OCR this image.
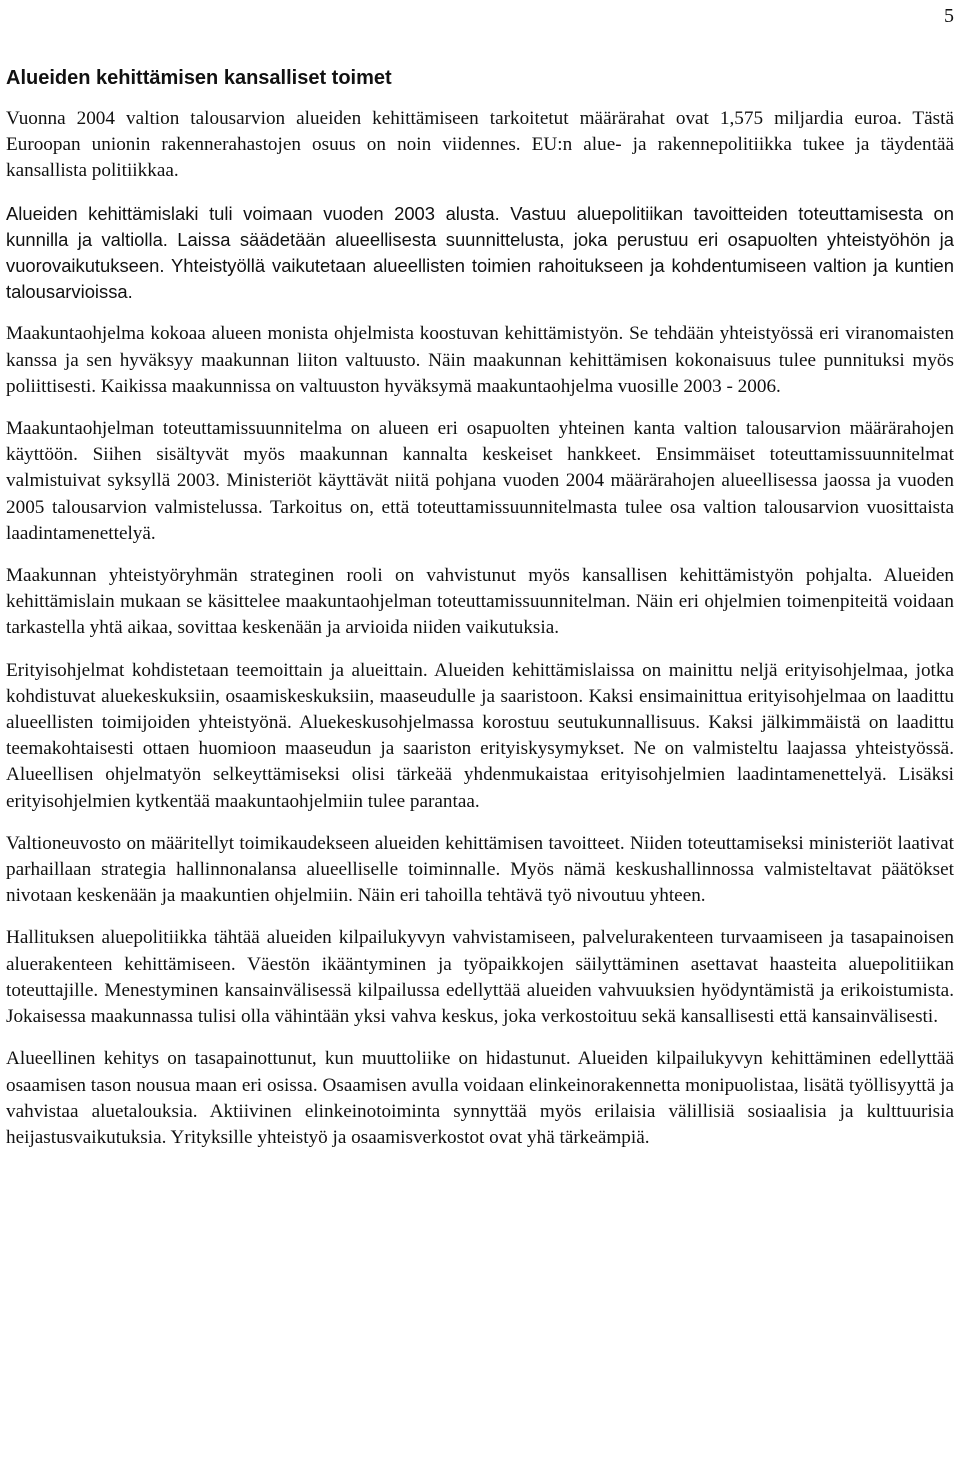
5
Alueiden kehittämisen kansalliset toimet

Vuonna 2004 valtion talousarvion alueiden kehittämiseen tarkoitetut määrärahat ovat 1,575 miljardia euroa. Tästä Euroopan unionin rakennerahastojen osuus on noin viidennes. EU:n alue- ja rakennepolitiikka tukee ja täydentää kansallista politiikkaa.

Alueiden kehittämislaki tuli voimaan vuoden 2003 alusta. Vastuu aluepolitiikan tavoitteiden toteuttamisesta on kunnilla ja valtiolla. Laissa säädetään alueellisesta suunnittelusta, joka perustuu eri osapuolten yhteistyöhön ja vuorovaikutukseen. Yhteistyöllä vaikutetaan alueellisten toimien rahoitukseen ja kohdentumiseen valtion ja kuntien talousarvioissa.

Maakuntaohjelma kokoaa alueen monista ohjelmista koostuvan kehittämistyön. Se tehdään yhteistyössä eri viranomaisten kanssa ja sen hyväksyy maakunnan liiton valtuusto. Näin maakunnan kehittämisen kokonaisuus tulee punnituksi myös poliittisesti. Kaikissa maakunnissa on valtuuston hyväksymä maakuntaohjelma vuosille 2003 - 2006.

Maakuntaohjelman toteuttamissuunnitelma on alueen eri osapuolten yhteinen kanta valtion talousarvion määrärahojen käyttöön. Siihen sisältyvät myös maakunnan kannalta keskeiset hankkeet. Ensimmäiset toteuttamissuunnitelmat valmistuivat syksyllä 2003. Ministeriöt käyttävät niitä pohjana vuoden 2004 määrärahojen alueellisessa jaossa ja vuoden 2005 talousarvion valmistelussa. Tarkoitus on, että toteuttamissuunnitelmasta tulee osa valtion talousarvion vuosittaista laadintamenettelyä.

Maakunnan yhteistyöryhmän strateginen rooli on vahvistunut myös kansallisen kehittämistyön pohjalta. Alueiden kehittämislain mukaan se käsittelee maakuntaohjelman toteuttamissuunnitelman. Näin eri ohjelmien toimenpiteitä voidaan tarkastella yhtä aikaa, sovittaa keskenään ja arvioida niiden vaikutuksia.

Erityisohjelmat kohdistetaan teemoittain ja alueittain. Alueiden kehittämislaissa on mainittu neljä erityisohjelmaa, jotka kohdistuvat aluekeskuksiin, osaamiskeskuksiin, maaseudulle ja saaristoon. Kaksi ensimainittua erityisohjelmaa on laadittu alueellisten toimijoiden yhteistyönä. Aluekeskusohjelmassa korostuu seutukunnallisuus. Kaksi jälkimmäistä on laadittu teemakohtaisesti ottaen huomioon maaseudun ja saariston erityiskysymykset. Ne on valmisteltu laajassa yhteistyössä. Alueellisen ohjelmatyön selkeyttämiseksi olisi tärkeää yhdenmukaistaa erityisohjelmien laadintamenettelyä. Lisäksi erityisohjelmien kytkentää maakuntaohjelmiin tulee parantaa.

Valtioneuvosto on määritellyt toimikaudekseen alueiden kehittämisen tavoitteet. Niiden toteuttamiseksi ministeriöt laativat parhaillaan strategia hallinnonalansa alueelliselle toiminnalle. Myös nämä keskushallinnossa valmisteltavat päätökset nivotaan keskenään ja maakuntien ohjelmiin. Näin eri tahoilla tehtävä työ nivoutuu yhteen.

Hallituksen aluepolitiikka tähtää alueiden kilpailukyvyn vahvistamiseen, palvelurakenteen turvaamiseen ja tasapainoisen aluerakenteen kehittämiseen. Väestön ikääntyminen ja työpaikkojen säilyttäminen asettavat haasteita aluepolitiikan toteuttajille. Menestyminen kansainvälisessä kilpailussa edellyttää alueiden vahvuuksien hyödyntämistä ja erikoistumista. Jokaisessa maakunnassa tulisi olla vähintään yksi vahva keskus, joka verkostoituu sekä kansallisesti että kansainvälisesti.

Alueellinen kehitys on tasapainottunut, kun muuttoliike on hidastunut. Alueiden kilpailukyvyn kehittäminen edellyttää osaamisen tason nousua maan eri osissa. Osaamisen avulla voidaan elinkeinorakennetta monipuolistaa, lisätä työllisyyttä ja vahvistaa aluetalouksia. Aktiivinen elinkeinotoiminta synnyttää myös erilaisia välillisiä sosiaalisia ja kulttuurisia heijastusvaikutuksia. Yrityksille yhteistyö ja osaamisverkostot ovat yhä tärkeämpiä.
